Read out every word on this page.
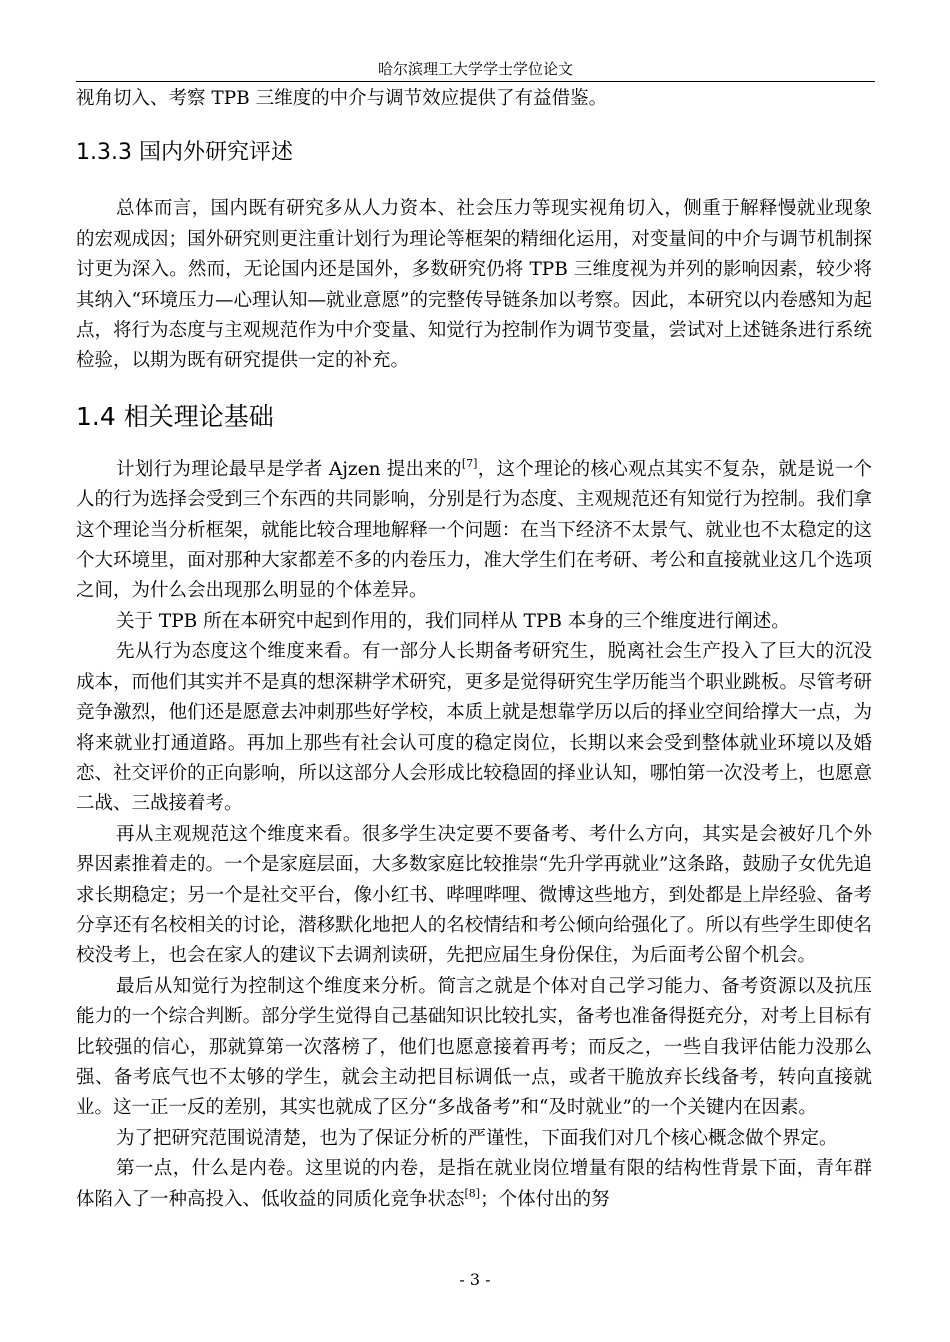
哈尔滨理工大学学士学位论文

视角切入、考察 TPB 三维度的中介与调节效应提供了有益借鉴。

1.3.3 国内外研究评述

总体而言，国内既有研究多从人力资本、社会压力等现实视角切入，侧重于解释慢就业现象的宏观成因；国外研究则更注重计划行为理论等框架的精细化运用，对变量间的中介与调节机制探讨更为深入。然而，无论国内还是国外，多数研究仍将 TPB 三维度视为并列的影响因素，较少将其纳入“环境压力—心理认知—就业意愿”的完整传导链条加以考察。因此，本研究以内卷感知为起点，将行为态度与主观规范作为中介变量、知觉行为控制作为调节变量，尝试对上述链条进行系统检验，以期为既有研究提供一定的补充。

1.4 相关理论基础

计划行为理论最早是学者 Ajzen 提出来的[7]，这个理论的核心观点其实不复杂，就是说一个人的行为选择会受到三个东西的共同影响，分别是行为态度、主观规范还有知觉行为控制。我们拿这个理论当分析框架，就能比较合理地解释一个问题：在当下经济不太景气、就业也不太稳定的这个大环境里，面对那种大家都差不多的内卷压力，准大学生们在考研、考公和直接就业这几个选项之间，为什么会出现那么明显的个体差异。

关于 TPB 所在本研究中起到作用的，我们同样从 TPB 本身的三个维度进行阐述。

先从行为态度这个维度来看。有一部分人长期备考研究生，脱离社会生产投入了巨大的沉没成本，而他们其实并不是真的想深耕学术研究，更多是觉得研究生学历能当个职业跳板。尽管考研竞争激烈，他们还是愿意去冲刺那些好学校，本质上就是想靠学历以后的择业空间给撑大一点，为将来就业打通道路。再加上那些有社会认可度的稳定岗位，长期以来会受到整体就业环境以及婚恋、社交评价的正向影响，所以这部分人会形成比较稳固的择业认知，哪怕第一次没考上，也愿意二战、三战接着考。

再从主观规范这个维度来看。很多学生决定要不要备考、考什么方向，其实是会被好几个外界因素推着走的。一个是家庭层面，大多数家庭比较推崇“先升学再就业”这条路，鼓励子女优先追求长期稳定；另一个是社交平台，像小红书、哔哩哔哩、微博这些地方，到处都是上岸经验、备考分享还有名校相关的讨论，潜移默化地把人的名校情结和考公倾向给强化了。所以有些学生即使名校没考上，也会在家人的建议下去调剂读研，先把应届生身份保住，为后面考公留个机会。

最后从知觉行为控制这个维度来分析。简言之就是个体对自己学习能力、备考资源以及抗压能力的一个综合判断。部分学生觉得自己基础知识比较扎实，备考也准备得挺充分，对考上目标有比较强的信心，那就算第一次落榜了，他们也愿意接着再考；而反之，一些自我评估能力没那么强、备考底气也不太够的学生，就会主动把目标调低一点，或者干脆放弃长线备考，转向直接就业。这一正一反的差别，其实也就成了区分“多战备考”和“及时就业”的一个关键内在因素。

为了把研究范围说清楚，也为了保证分析的严谨性，下面我们对几个核心概念做个界定。

第一点，什么是内卷。这里说的内卷，是指在就业岗位增量有限的结构性背景下面，青年群体陷入了一种高投入、低收益的同质化竞争状态[8]；个体付出的努

- 3 -
